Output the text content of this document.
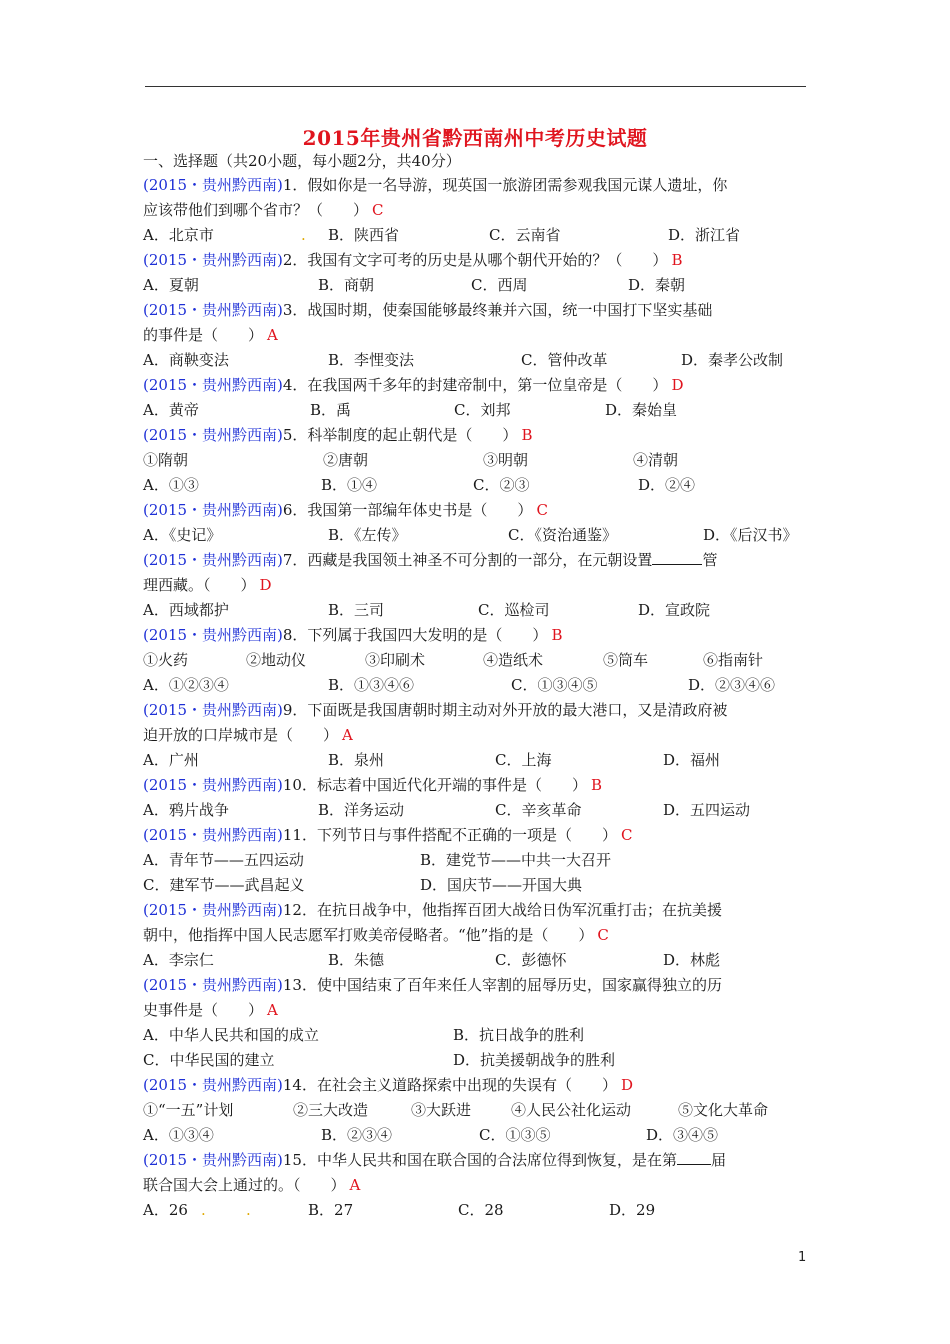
2015年贵州省黔西南州中考历史试题
一、选择题（共20小题，每小题2分，共40分）
(2015・贵州黔西南)1．假如你是一名导游，现英国一旅游团需参观我国元谋人遗址，你
应该带他们到哪个省市？（　　） C
A．北京市	. B．陕西省	C．云南省	D．浙江省
(2015・贵州黔西南)2．我国有文字可考的历史是从哪个朝代开始的？（　　） B
A．夏朝	B．商朝	C．西周	D．秦朝
(2015・贵州黔西南)3．战国时期，使秦国能够最终兼并六国，统一中国打下坚实基础
的事件是（　　） A
A．商鞅变法	B．李悝变法	C．管仲改革	D．秦孝公改制
(2015・贵州黔西南)4．在我国两千多年的封建帝制中，第一位皇帝是（　　） D
A．黄帝	B．禹	C．刘邦	D．秦始皇
(2015・贵州黔西南)5．科举制度的起止朝代是（　　） B
①隋朝	②唐朝	③明朝	④清朝
A．①③	B．①④	C．②③	D．②④
(2015・贵州黔西南)6．我国第一部编年体史书是（　　） C
A．《史记》	B．《左传》	C．《资治通鉴》	D．《后汉书》
(2015・贵州黔西南)7．西藏是我国领土神圣不可分割的一部分，在元朝设置	管
理西藏。（　　） D
A．西域都护	B．三司	C．巡检司	D．宣政院
(2015・贵州黔西南)8．下列属于我国四大发明的是（　　） B
①火药	②地动仪	③印刷术	④造纸术	⑤筒车	⑥指南针
A．①②③④	B．①③④⑥	C．①③④⑤	D．②③④⑥
(2015・贵州黔西南)9．下面既是我国唐朝时期主动对外开放的最大港口，又是清政府被
迫开放的口岸城市是（　　） A
A．广州	B．泉州	C．上海	D．福州
(2015・贵州黔西南)10．标志着中国近代化开端的事件是（　　） B
A．鸦片战争	B．洋务运动	C．辛亥革命	D．五四运动
(2015・贵州黔西南)11．下列节日与事件搭配不正确的一项是（　　） C
A．青年节——五四运动	B．建党节——中共一大召开
C．建军节——武昌起义	D．国庆节——开国大典
(2015・贵州黔西南)12．在抗日战争中，他指挥百团大战给日伪军沉重打击；在抗美援
朝中，他指挥中国人民志愿军打败美帝侵略者。“他”指的是（　　） C
A．李宗仁	B．朱德	C．彭德怀	D．林彪
(2015・贵州黔西南)13．使中国结束了百年来任人宰割的屈辱历史，国家赢得独立的历
史事件是（　　） A
A．中华人民共和国的成立	B．抗日战争的胜利
C．中华民国的建立	D．抗美援朝战争的胜利
(2015・贵州黔西南)14．在社会主义道路探索中出现的失误有（　　） D
①“一五”计划	②三大改造	③大跃进	④人民公社化运动	⑤文化大革命
A．①③④	B．②③④	C．①③⑤	D．③④⑤
(2015・贵州黔西南)15．中华人民共和国在联合国的合法席位得到恢复，是在第 届
联合国大会上通过的。（　　） A
A．26 .	.	B．27	C．28	D．29
1
